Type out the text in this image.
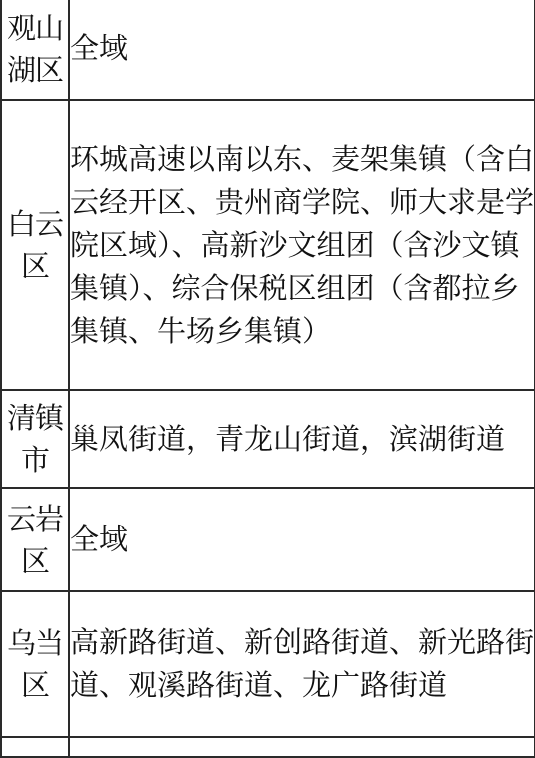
观山湖区	全域

白云区	环城高速以南以东、麦架集镇（含白云经开区、贵州商学院、师大求是学院区域）、高新沙文组团（含沙文镇集镇）、综合保税区组团（含都拉乡集镇、牛场乡集镇）

清镇市	巢凤街道，青龙山街道，滨湖街道

云岩区	全域

乌当区	高新路街道、新创路街道、新光路街道、观溪路街道、龙广路街道
